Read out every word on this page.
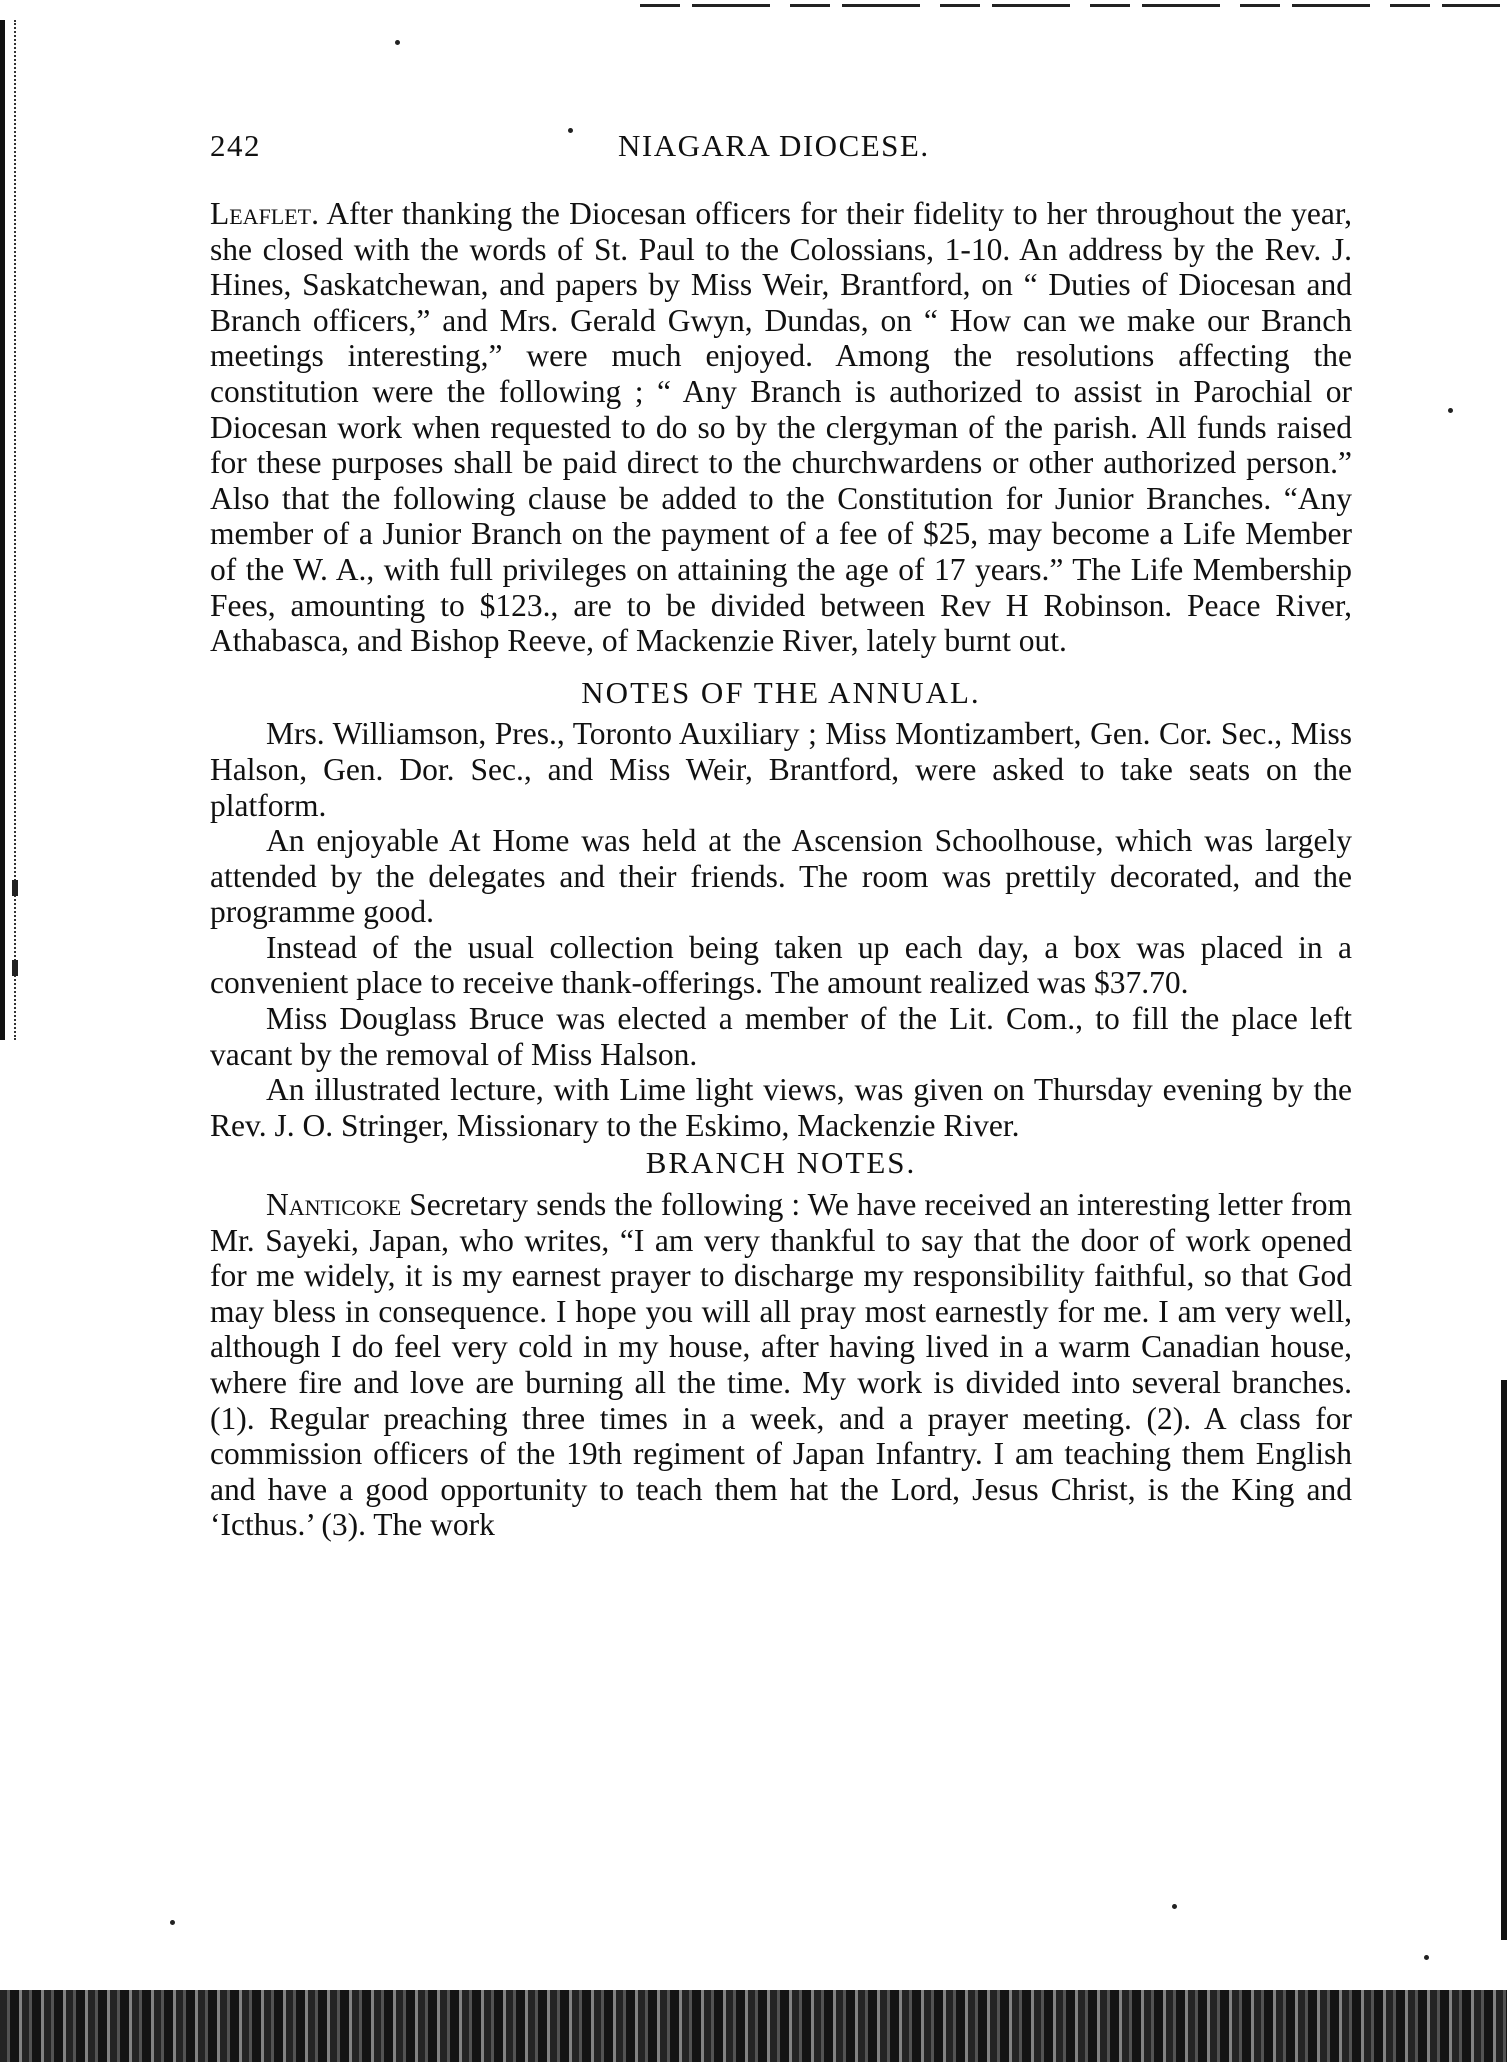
242	NIAGARA DIOCESE.

Leaflet. After thanking the Diocesan officers for their fidelity to her throughout the year, she closed with the words of St. Paul to the Colossians, 1-10. An address by the Rev. J. Hines, Saskatchewan, and papers by Miss Weir, Brantford, on “ Duties of Diocesan and Branch officers,” and Mrs. Gerald Gwyn, Dundas, on “ How can we make our Branch meetings interesting,” were much enjoyed. Among the resolutions affecting the constitution were the following ; “ Any Branch is authorized to assist in Parochial or Diocesan work when requested to do so by the clergyman of the parish. All funds raised for these purposes shall be paid direct to the churchwardens or other authorized person.” Also that the following clause be added to the Constitution for Junior Branches. “Any member of a Junior Branch on the payment of a fee of $25, may become a Life Member of the W. A., with full privileges on attaining the age of 17 years.” The Life Membership Fees, amounting to $123., are to be divided between Rev H Robinson. Peace River, Athabasca, and Bishop Reeve, of Mackenzie River, lately burnt out.

NOTES OF THE ANNUAL.

Mrs. Williamson, Pres., Toronto Auxiliary ; Miss Montizambert, Gen. Cor. Sec., Miss Halson, Gen. Dor. Sec., and Miss Weir, Brantford, were asked to take seats on the platform.

An enjoyable At Home was held at the Ascension Schoolhouse, which was largely attended by the delegates and their friends. The room was prettily decorated, and the programme good.

Instead of the usual collection being taken up each day, a box was placed in a convenient place to receive thank-offerings. The amount realized was $37.70.

Miss Douglass Bruce was elected a member of the Lit. Com., to fill the place left vacant by the removal of Miss Halson.

An illustrated lecture, with Lime light views, was given on Thursday evening by the Rev. J. O. Stringer, Missionary to the Eskimo, Mackenzie River.

BRANCH NOTES.

Nanticoke Secretary sends the following : We have received an interesting letter from Mr. Sayeki, Japan, who writes, “I am very thankful to say that the door of work opened for me widely, it is my earnest prayer to discharge my responsibility faithful, so that God may bless in consequence. I hope you will all pray most earnestly for me. I am very well, although I do feel very cold in my house, after having lived in a warm Canadian house, where fire and love are burning all the time. My work is divided into several branches. (1). Regular preaching three times in a week, and a prayer meeting. (2). A class for commission officers of the 19th regiment of Japan Infantry. I am teaching them English and have a good opportunity to teach them hat the Lord, Jesus Christ, is the King and ‘Icthus.’ (3). The work
